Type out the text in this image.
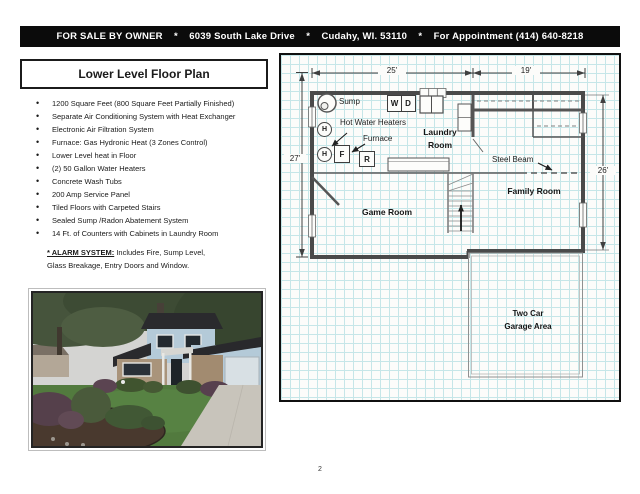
FOR SALE BY OWNER    *    6039 South Lake Drive    *    Cudahy, WI. 53110    *    For Appointment (414) 640-8218
Lower Level Floor Plan
• 1200 Square Feet (800 Square Feet Partially Finished)
• Separate Air Conditioning System with Heat Exchanger
• Electronic Air Filtration System
• Furnace: Gas Hydronic Heat (3 Zones Control)
• Lower Level heat in Floor
• (2) 50 Gallon Water Heaters
• Concrete Wash Tubs
• 200 Amp Service Panel
• Tiled Floors with Carpeted Stairs
• Sealed Sump /Radon Abatement System
• 14 Ft. of Counters with Cabinets in Laundry Room
* ALARM SYSTEM: Includes Fire, Sump Level, Glass Breakage, Entry Doors and Window.
25'	19'
27'
26'
Sump
Hot Water Heaters
Furnace
Laundry
Room
Steel Beam
Family Room
Game Room
Two Car
Garage Area
W D
F
R
H
H
2
